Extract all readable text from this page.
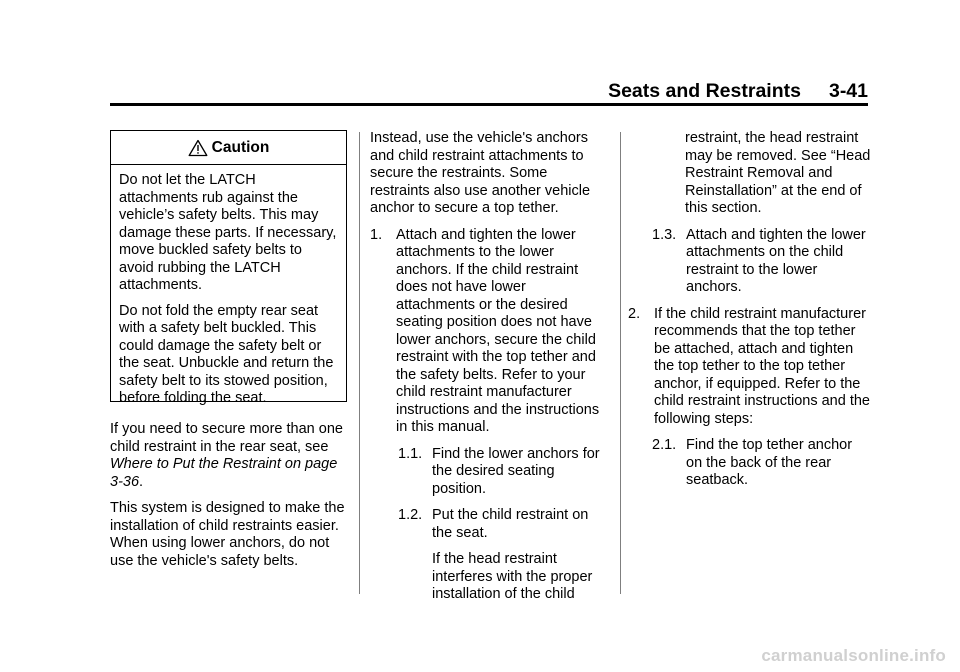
Seats and Restraints 3-41
Caution

Do not let the LATCH attachments rub against the vehicle’s safety belts. This may damage these parts. If necessary, move buckled safety belts to avoid rubbing the LATCH attachments.

Do not fold the empty rear seat with a safety belt buckled. This could damage the safety belt or the seat. Unbuckle and return the safety belt to its stowed position, before folding the seat.

If you need to secure more than one child restraint in the rear seat, see Where to Put the Restraint on page 3-36.

This system is designed to make the installation of child restraints easier. When using lower anchors, do not use the vehicle's safety belts.

Instead, use the vehicle's anchors and child restraint attachments to secure the restraints. Some restraints also use another vehicle anchor to secure a top tether.

1. Attach and tighten the lower attachments to the lower anchors. If the child restraint does not have lower attachments or the desired seating position does not have lower anchors, secure the child restraint with the top tether and the safety belts. Refer to your child restraint manufacturer instructions and the instructions in this manual.
1.1. Find the lower anchors for the desired seating position.
1.2. Put the child restraint on the seat.

If the head restraint interferes with the proper installation of the child

restraint, the head restraint may be removed. See “Head Restraint Removal and Reinstallation” at the end of this section.

1.3. Attach and tighten the lower attachments on the child restraint to the lower anchors.
2. If the child restraint manufacturer recommends that the top tether be attached, attach and tighten the top tether to the top tether anchor, if equipped. Refer to the child restraint instructions and the following steps:
2.1. Find the top tether anchor on the back of the rear seatback.
carmanualsonline.info
